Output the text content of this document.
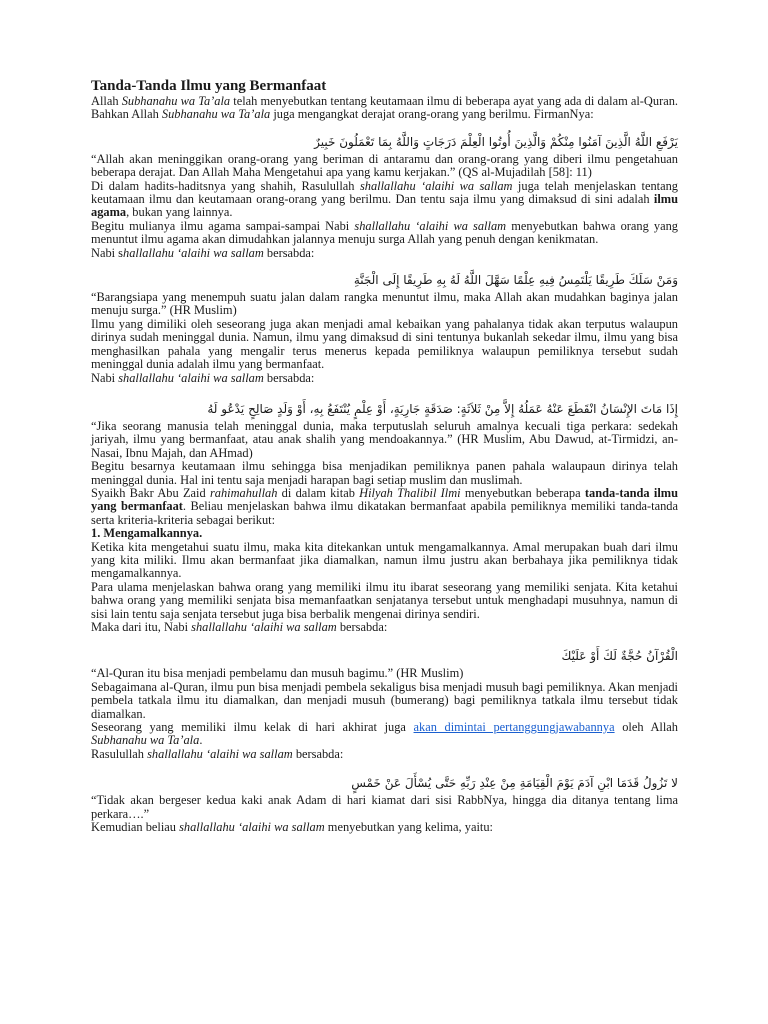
Tanda-Tanda Ilmu yang Bermanfaat

Allah Subhanahu wa Ta’ala telah menyebutkan tentang keutamaan ilmu di beberapa ayat yang ada di dalam al-Quran. Bahkan Allah Subhanahu wa Ta’ala juga mengangkat derajat orang-orang yang berilmu. FirmanNya:

يَرْفَعِ اللَّهُ الَّذِينَ آمَنُوا مِنْكُمْ وَالَّذِينَ أُوتُوا الْعِلْمَ دَرَجَاتٍ وَاللَّهُ بِمَا تَعْمَلُونَ خَبِيرٌ

“Allah akan meninggikan orang-orang yang beriman di antaramu dan orang-orang yang diberi ilmu pengetahuan beberapa derajat. Dan Allah Maha Mengetahui apa yang kamu kerjakan.” (QS al-Mujadilah [58]: 11)

Di dalam hadits-haditsnya yang shahih, Rasulullah shallallahu ‘alaihi wa sallam juga telah menjelaskan tentang keutamaan ilmu dan keutamaan orang-orang yang berilmu. Dan tentu saja ilmu yang dimaksud di sini adalah ilmu agama, bukan yang lainnya.

Begitu mulianya ilmu agama sampai-sampai Nabi shallallahu ‘alaihi wa sallam menyebutkan bahwa orang yang menuntut ilmu agama akan dimudahkan jalannya menuju surga Allah yang penuh dengan kenikmatan.

Nabi shallallahu ‘alaihi wa sallam bersabda:

وَمَنْ سَلَكَ طَرِيقًا يَلْتَمِسُ فِيهِ عِلْمًا سَهَّلَ اللَّهُ لَهُ بِهِ طَرِيقًا إِلَى الْجَنَّةِ

“Barangsiapa yang menempuh suatu jalan dalam rangka menuntut ilmu, maka Allah akan mudahkan baginya jalan menuju surga.” (HR Muslim)

Ilmu yang dimiliki oleh seseorang juga akan menjadi amal kebaikan yang pahalanya tidak akan terputus walaupun dirinya sudah meninggal dunia. Namun, ilmu yang dimaksud di sini tentunya bukanlah sekedar ilmu, ilmu yang bisa menghasilkan pahala yang mengalir terus menerus kepada pemiliknya walaupun pemiliknya tersebut sudah meninggal dunia adalah ilmu yang bermanfaat.

Nabi shallallahu ‘alaihi wa sallam bersabda:

إِذَا مَاتَ الإِنْسَانُ انْقَطَعَ عَنْهُ عَمَلُهُ إِلاَّ مِنْ ثَلاَثَةٍ: صَدَقَةٍ جَارِيَةٍ، أَوْ عِلْمٍ يُنْتَفَعُ بِهِ، أَوْ وَلَدٍ صَالِحٍ يَدْعُو لَهُ

“Jika seorang manusia telah meninggal dunia, maka terputuslah seluruh amalnya kecuali tiga perkara: sedekah jariyah, ilmu yang bermanfaat, atau anak shalih yang mendoakannya.” (HR Muslim, Abu Dawud, at-Tirmidzi, an-Nasai, Ibnu Majah, dan AHmad)

Begitu besarnya keutamaan ilmu sehingga bisa menjadikan pemiliknya panen pahala walaupaun dirinya telah meninggal dunia. Hal ini tentu saja menjadi harapan bagi setiap muslim dan muslimah.

Syaikh Bakr Abu Zaid rahimahullah di dalam kitab Hilyah Thalibil Ilmi menyebutkan beberapa tanda-tanda ilmu yang bermanfaat. Beliau menjelaskan bahwa ilmu dikatakan bermanfaat apabila pemiliknya memiliki tanda-tanda serta kriteria-kriteria sebagai berikut:

1. Mengamalkannya.

Ketika kita mengetahui suatu ilmu, maka kita ditekankan untuk mengamalkannya. Amal merupakan buah dari ilmu yang kita miliki. Ilmu akan bermanfaat jika diamalkan, namun ilmu justru akan berbahaya jika pemiliknya tidak mengamalkannya.

Para ulama menjelaskan bahwa orang yang memiliki ilmu itu ibarat seseorang yang memiliki senjata. Kita ketahui bahwa orang yang memiliki senjata bisa memanfaatkan senjatanya tersebut untuk menghadapi musuhnya, namun di sisi lain tentu saja senjata tersebut juga bisa berbalik mengenai dirinya sendiri.

Maka dari itu, Nabi shallallahu ‘alaihi wa sallam bersabda:

الْقُرْآنُ حُجَّةٌ لَكَ أَوْ عَلَيْكَ

“Al-Quran itu bisa menjadi pembelamu dan musuh bagimu.” (HR Muslim)

Sebagaimana al-Quran, ilmu pun bisa menjadi pembela sekaligus bisa menjadi musuh bagi pemiliknya. Akan menjadi pembela tatkala ilmu itu diamalkan, dan menjadi musuh (bumerang) bagi pemiliknya tatkala ilmu tersebut tidak diamalkan.

Seseorang yang memiliki ilmu kelak di hari akhirat juga akan dimintai pertanggungjawabannya oleh Allah Subhanahu wa Ta’ala.

Rasulullah shallallahu ‘alaihi wa sallam bersabda:

لا تَزُولُ قَدَمَا ابْنِ آدَمَ يَوْمَ الْقِيَامَةِ مِنْ عِنْدِ رَبِّهِ حَتَّى يُسْأَلَ عَنْ خَمْسٍ

“Tidak akan bergeser kedua kaki anak Adam di hari kiamat dari sisi RabbNya, hingga dia ditanya tentang lima perkara….”

Kemudian beliau shallallahu ‘alaihi wa sallam menyebutkan yang kelima, yaitu:
